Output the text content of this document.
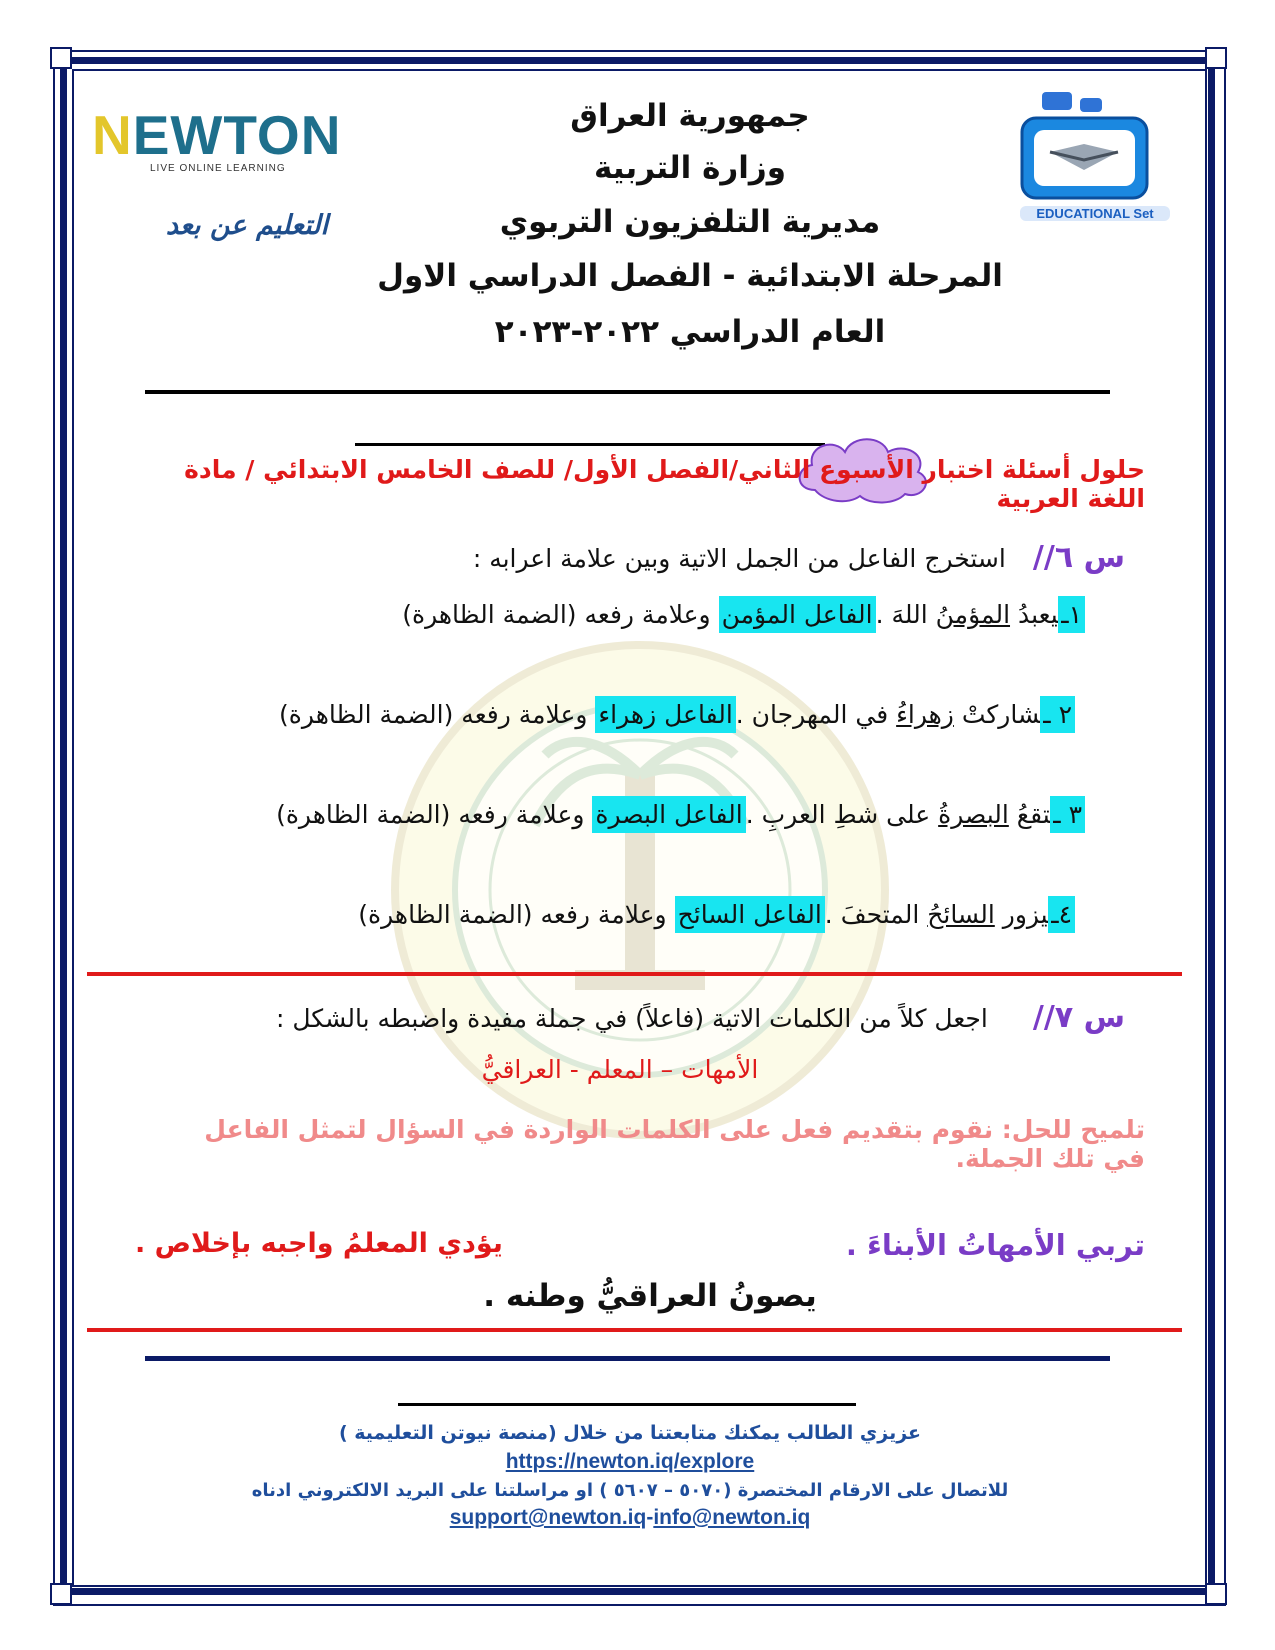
NEWTON
LIVE ONLINE LEARNING
التعليم عن بعد	EDUCATIONAL Set
جمهورية العراق
وزارة التربية
مديرية التلفزيون التربوي
المرحلة الابتدائية - الفصل الدراسي الاول
العام الدراسي ٢٠٢٢-٢٠٢٣
حلول أسئلة اختبار الأسبوع الثاني/الفصل الأول/ للصف الخامس الابتدائي / مادة اللغة العربية
س ٦// استخرج الفاعل من الجمل الاتية وبين علامة اعرابه :
١ـيعبدُ المؤمنُ اللهَ .الفاعل المؤمن وعلامة رفعه (الضمة الظاهرة)
٢ ـشاركتْ زهراءُ في المهرجان .الفاعل زهراء وعلامة رفعه (الضمة الظاهرة)
٣ ـتقعُ البصرةُ على شطِ العربِ .الفاعل البصرة وعلامة رفعه (الضمة الظاهرة)
٤ـيزور السائحُ المتحفَ .الفاعل السائح وعلامة رفعه (الضمة الظاهرة)
س ٧// اجعل كلاً من الكلمات الاتية (فاعلاً) في جملة مفيدة واضبطه بالشكل :
الأمهات – المعلم - العراقيُّ
تلميح للحل: نقوم بتقديم فعل على الكلمات الواردة في السؤال لتمثل الفاعل في تلك الجملة.
تربي الأمهاتُ الأبناءَ .
يؤدي المعلمُ واجبه بإخلاص .
يصونُ العراقيُّ وطنه .
عزيزي الطالب يمكنك متابعتنا من خلال (منصة نيوتن التعليمية )
https://newton.iq/explore
للاتصال على الارقام المختصرة (٥٠٧٠ – ٥٦٠٧ ) او مراسلتنا على البريد الالكتروني ادناه
support@newton.iq-info@newton.iq
